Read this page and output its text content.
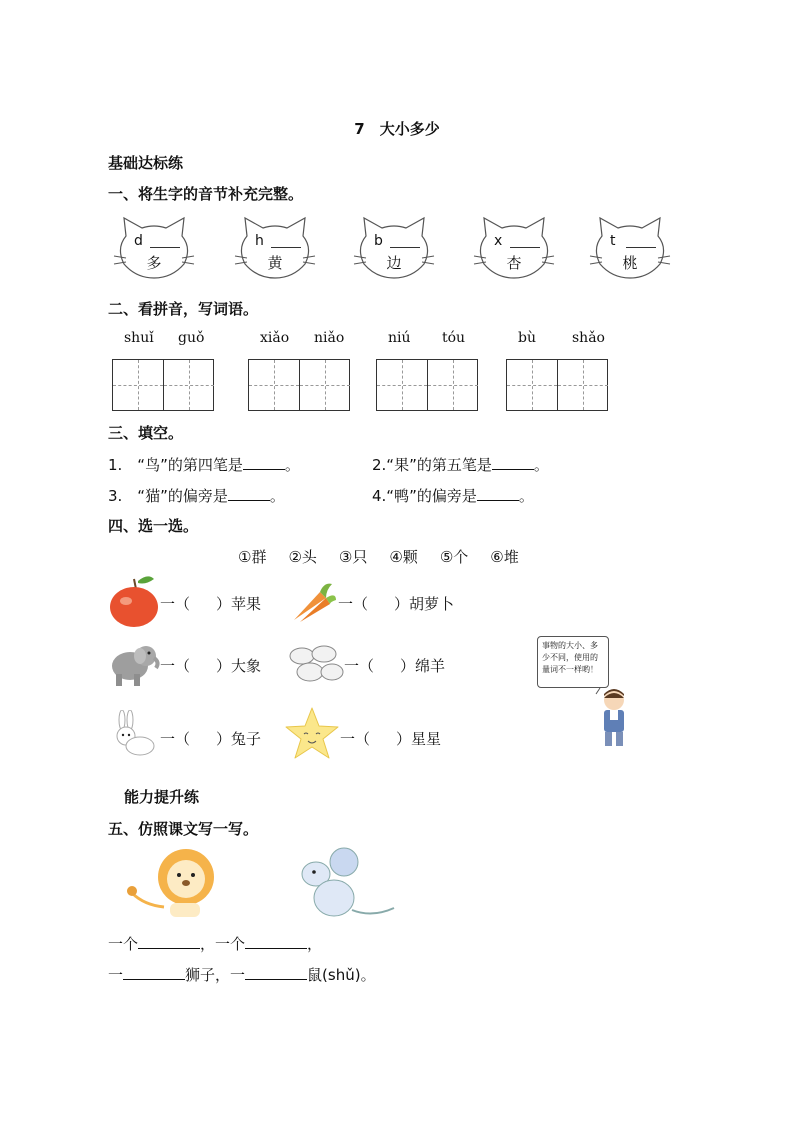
7　大小多少
基础达标练
一、将生字的音节补充完整。
d
多
h
黄
b
边
x
杏
t
桃
二、看拼音，写词语。
shuǐ guǒ	xiǎo niǎo	niú tóu	bù	shǎo
三、填空。
1.　“鸟”的第四笔是	。	2.“果”的第五笔是	。
3.　“猫”的偏旁是	。	4.“鸭”的偏旁是	。
四、选一选。
①群 ②头 ③只 ④颗 ⑤个 ⑥堆
一（ ）苹果	一（ ）胡萝卜
一（ ）大象	一（ ）绵羊
一（ ）兔子	一（ ）星星
事物的大小、多少不同，使用的量词不一样哟！
能力提升练
五、仿照课文写一写。
一个	，一个	，
一	狮子，一	鼠(shǔ)。
